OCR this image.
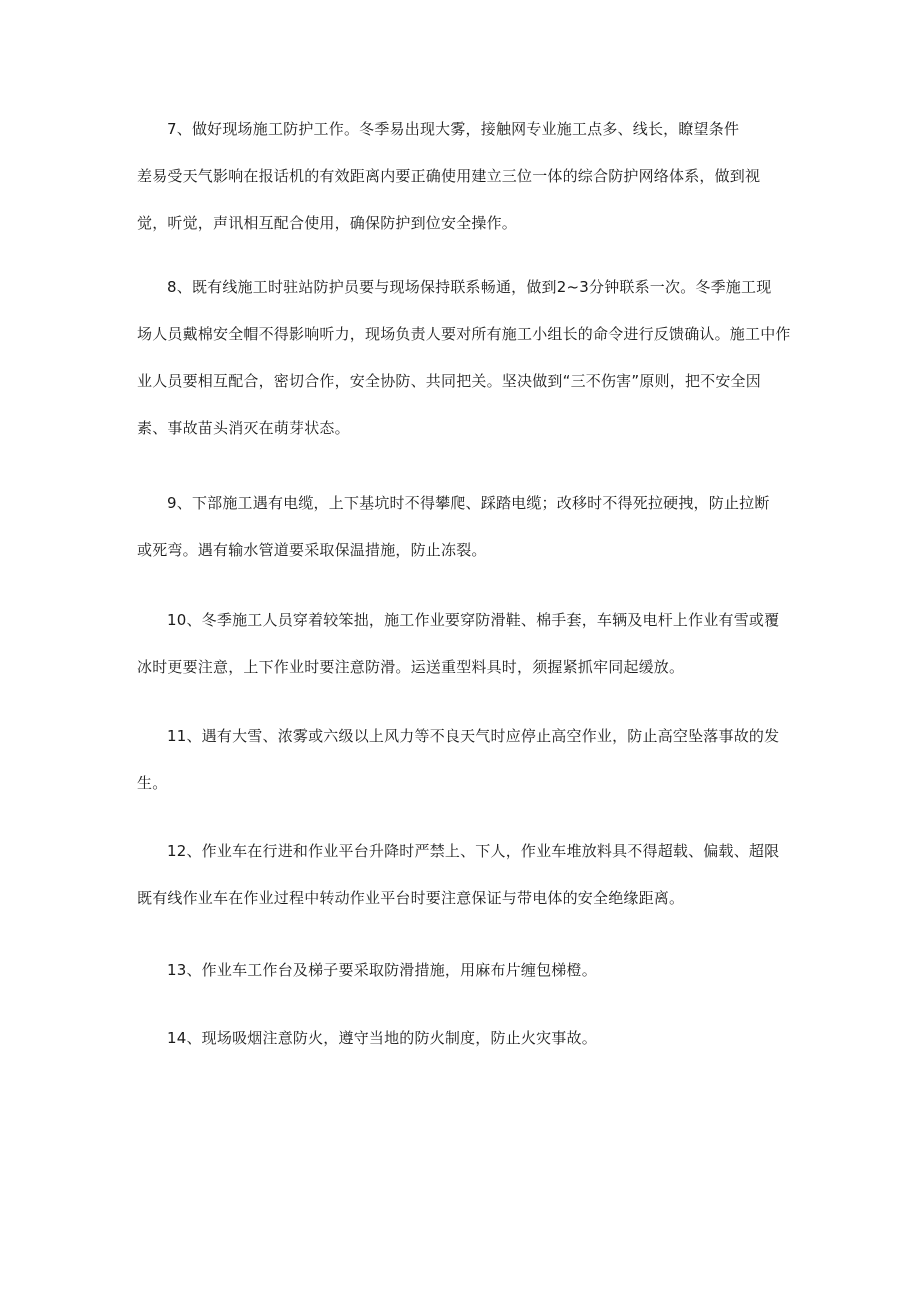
7、做好现场施工防护工作。冬季易出现大雾，接触网专业施工点多、线长，瞭望条件
差易受天气影响在报话机的有效距离内要正确使用建立三位一体的综合防护网络体系，做到视
觉，听觉，声讯相互配合使用，确保防护到位安全操作。
8、既有线施工时驻站防护员要与现场保持联系畅通，做到2~3分钟联系一次。冬季施工现
场人员戴棉安全帽不得影响听力，现场负责人要对所有施工小组长的命令进行反馈确认。施工中作
业人员要相互配合，密切合作，安全协防、共同把关。坚决做到“三不伤害”原则，把不安全因
素、事故苗头消灭在萌芽状态。
9、下部施工遇有电缆，上下基坑时不得攀爬、踩踏电缆；改移时不得死拉硬拽，防止拉断
或死弯。遇有输水管道要采取保温措施，防止冻裂。
10、冬季施工人员穿着较笨拙，施工作业要穿防滑鞋、棉手套，车辆及电杆上作业有雪或覆
冰时更要注意，上下作业时要注意防滑。运送重型料具时，须握紧抓牢同起缓放。
11、遇有大雪、浓雾或六级以上风力等不良天气时应停止高空作业，防止高空坠落事故的发
生。
12、作业车在行进和作业平台升降时严禁上、下人，作业车堆放料具不得超载、偏载、超限
既有线作业车在作业过程中转动作业平台时要注意保证与带电体的安全绝缘距离。
13、作业车工作台及梯子要采取防滑措施，用麻布片缠包梯橙。
14、现场吸烟注意防火，遵守当地的防火制度，防止火灾事故。
